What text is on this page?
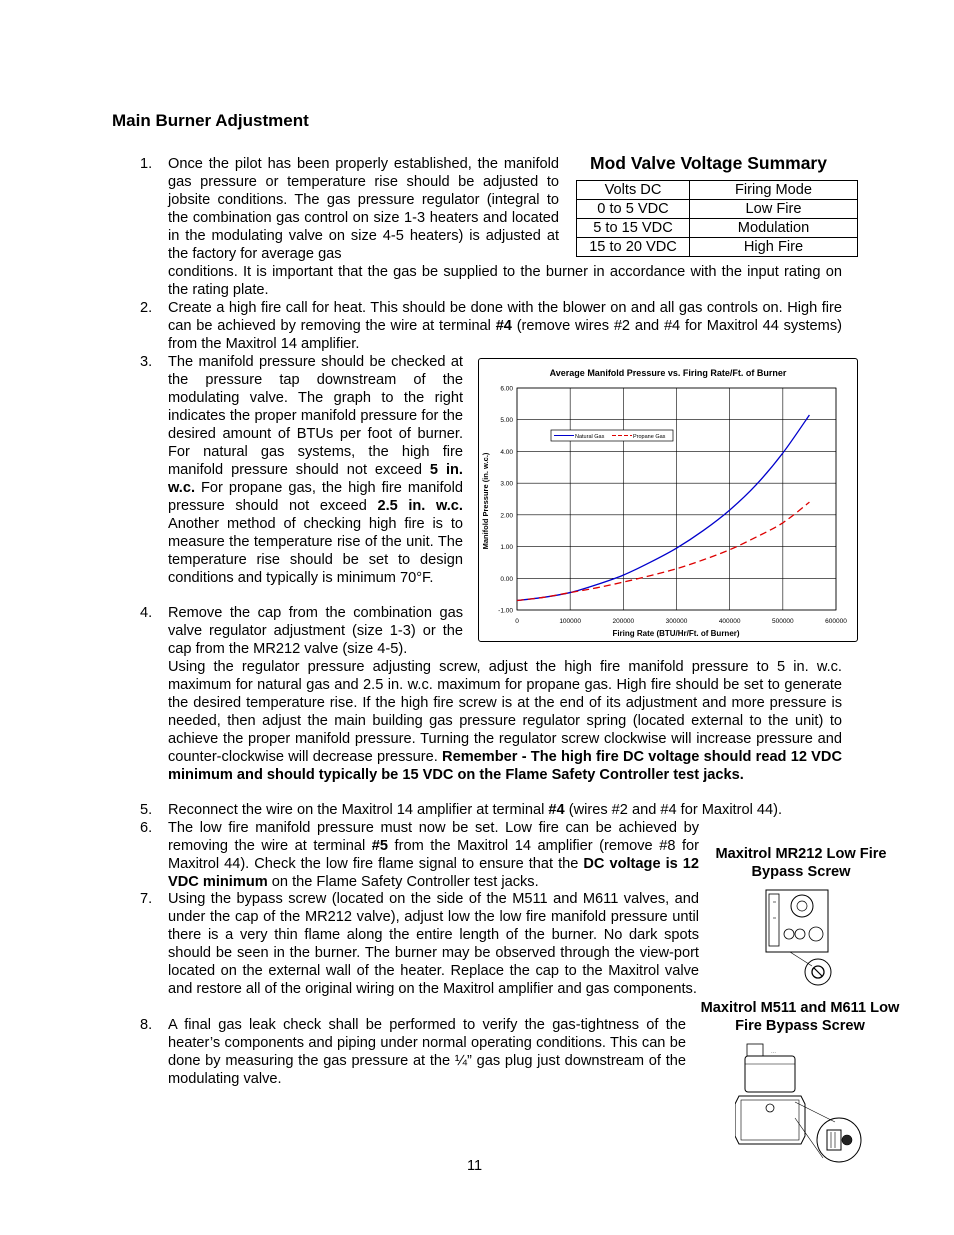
Main Burner Adjustment
Mod Valve Voltage Summary
Volts DC	Firing Mode
0 to 5 VDC	Low Fire
5 to 15 VDC	Modulation
15 to 20 VDC	High Fire
1.	Once the pilot has been properly established, the manifold gas pressure or temperature rise should be adjusted to jobsite conditions. The gas pressure regulator (integral to the combination gas control on size 1-3 heaters and located in the modulating valve on size 4-5 heaters) is adjusted at the factory for average gas
conditions. It is important that the gas be supplied to the burner in accordance with the input rating on the rating plate.
2.	Create a high fire call for heat. This should be done with the blower on and all gas controls on. High fire can be achieved by removing the wire at terminal #4 (remove wires #2 and #4 for Maxitrol 44 systems) from the Maxitrol 14 amplifier.
3.	The manifold pressure should be checked at the pressure tap downstream of the modulating valve. The graph to the right indicates the proper manifold pressure for the desired amount of BTUs per foot of burner. For natural gas systems, the high fire manifold pressure should not exceed 5 in. w.c. For propane gas, the high fire manifold pressure should not exceed 2.5 in. w.c. Another method of checking high fire is to measure the temperature rise of the unit. The temperature rise should be set to design conditions and typically is minimum 70°F.
Average Manifold Pressure vs. Firing Rate/Ft. of Burner
6.00
5.00
4.00
3.00
2.00
1.00
0.00
-1.00
0	100000	200000	300000	400000	500000	600000
Firing Rate (BTU/Hr/Ft. of Burner)
Manifold Pressure (in. w.c.)
Natural Gas	Propane Gas
4.	Remove the cap from the combination gas valve regulator adjustment (size 1-3) or the cap from the MR212 valve (size 4-5).
Using the regulator pressure adjusting screw, adjust the high fire manifold pressure to 5 in. w.c. maximum for natural gas and 2.5 in. w.c. maximum for propane gas. High fire should be set to generate the desired temperature rise. If the high fire screw is at the end of its adjustment and more pressure is needed, then adjust the main building gas pressure regulator spring (located external to the unit) to achieve the proper manifold pressure. Turning the regulator screw clockwise will increase pressure and counter-clockwise will decrease pressure. Remember - The high fire DC voltage should read 12 VDC minimum and should typically be 15 VDC on the Flame Safety Controller test jacks.
5.	Reconnect the wire on the Maxitrol 14 amplifier at terminal #4 (wires #2 and #4 for Maxitrol 44).
6.	The low fire manifold pressure must now be set. Low fire can be achieved by removing the wire at terminal #5 from the Maxitrol 14 amplifier (remove #8 for Maxitrol 44). Check the low fire flame signal to ensure that the DC voltage is 12 VDC minimum on the Flame Safety Controller test jacks.
7.	Using the bypass screw (located on the side of the M511 and M611 valves, and under the cap of the MR212 valve), adjust low the low fire manifold pressure until there is a very thin flame along the entire length of the burner. No dark spots should be seen in the burner. The burner may be observed through the view-port located on the external wall of the heater. Replace the cap to the Maxitrol valve and restore all of the original wiring on the Maxitrol amplifier and gas components.
8.	A final gas leak check shall be performed to verify the gas-tightness of the heater’s components and piping under normal operating conditions. This can be done by measuring the gas pressure at the ¼” gas plug just downstream of the modulating valve.
Maxitrol MR212 Low Fire Bypass Screw
Maxitrol M511 and M611 Low Fire Bypass Screw
⋯
11
